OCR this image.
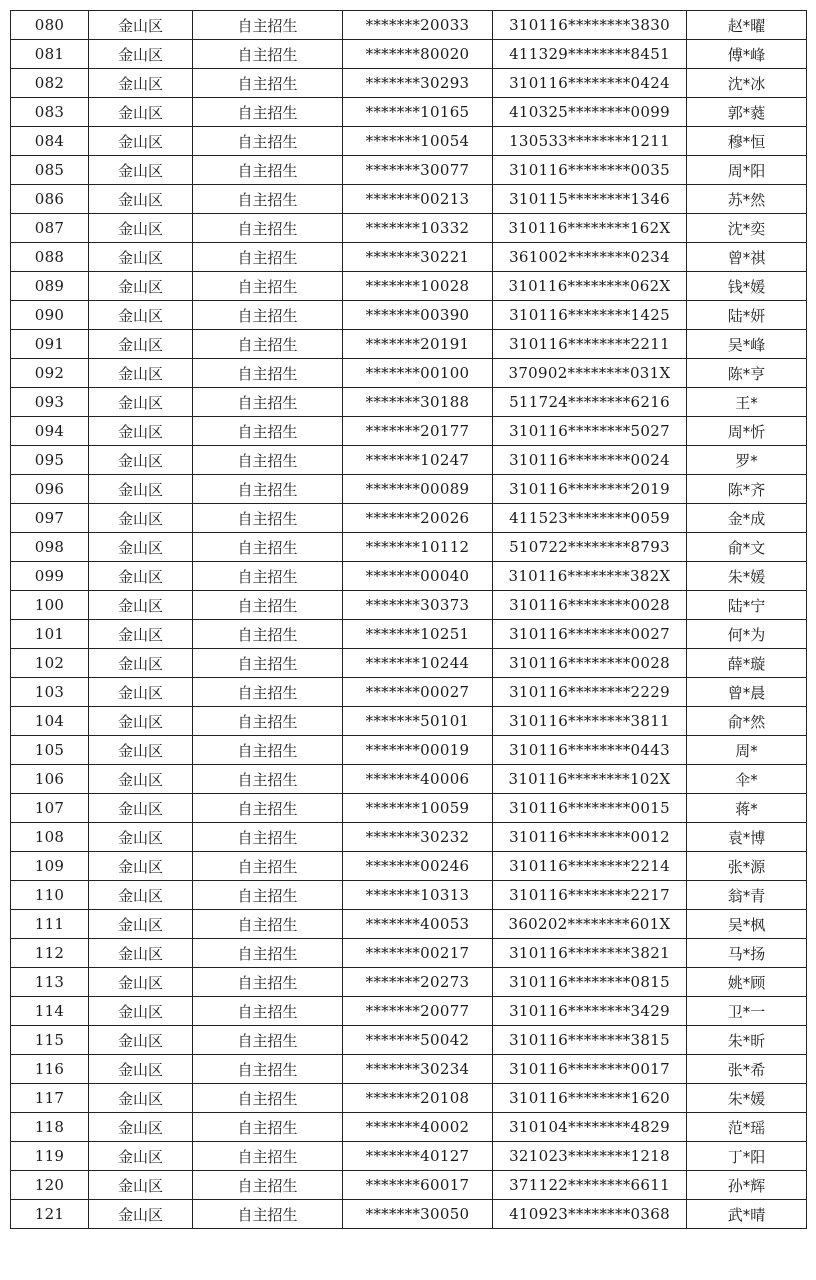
080	金山区	自主招生	*******20033	310116********3830	赵*曜
081	金山区	自主招生	*******80020	411329********8451	傅*峰
082	金山区	自主招生	*******30293	310116********0424	沈*冰
083	金山区	自主招生	*******10165	410325********0099	郭*蕤
084	金山区	自主招生	*******10054	130533********1211	穆*恒
085	金山区	自主招生	*******30077	310116********0035	周*阳
086	金山区	自主招生	*******00213	310115********1346	苏*然
087	金山区	自主招生	*******10332	310116********162X	沈*奕
088	金山区	自主招生	*******30221	361002********0234	曾*祺
089	金山区	自主招生	*******10028	310116********062X	钱*媛
090	金山区	自主招生	*******00390	310116********1425	陆*妍
091	金山区	自主招生	*******20191	310116********2211	吴*峰
092	金山区	自主招生	*******00100	370902********031X	陈*亨
093	金山区	自主招生	*******30188	511724********6216	王*
094	金山区	自主招生	*******20177	310116********5027	周*忻
095	金山区	自主招生	*******10247	310116********0024	罗*
096	金山区	自主招生	*******00089	310116********2019	陈*齐
097	金山区	自主招生	*******20026	411523********0059	金*成
098	金山区	自主招生	*******10112	510722********8793	俞*文
099	金山区	自主招生	*******00040	310116********382X	朱*媛
100	金山区	自主招生	*******30373	310116********0028	陆*宁
101	金山区	自主招生	*******10251	310116********0027	何*为
102	金山区	自主招生	*******10244	310116********0028	薛*璇
103	金山区	自主招生	*******00027	310116********2229	曾*晨
104	金山区	自主招生	*******50101	310116********3811	俞*然
105	金山区	自主招生	*******00019	310116********0443	周*
106	金山区	自主招生	*******40006	310116********102X	伞*
107	金山区	自主招生	*******10059	310116********0015	蒋*
108	金山区	自主招生	*******30232	310116********0012	袁*博
109	金山区	自主招生	*******00246	310116********2214	张*源
110	金山区	自主招生	*******10313	310116********2217	翁*青
111	金山区	自主招生	*******40053	360202********601X	吴*枫
112	金山区	自主招生	*******00217	310116********3821	马*扬
113	金山区	自主招生	*******20273	310116********0815	姚*顾
114	金山区	自主招生	*******20077	310116********3429	卫*一
115	金山区	自主招生	*******50042	310116********3815	朱*昕
116	金山区	自主招生	*******30234	310116********0017	张*希
117	金山区	自主招生	*******20108	310116********1620	朱*媛
118	金山区	自主招生	*******40002	310104********4829	范*瑶
119	金山区	自主招生	*******40127	321023********1218	丁*阳
120	金山区	自主招生	*******60017	371122********6611	孙*辉
121	金山区	自主招生	*******30050	410923********0368	武*晴
